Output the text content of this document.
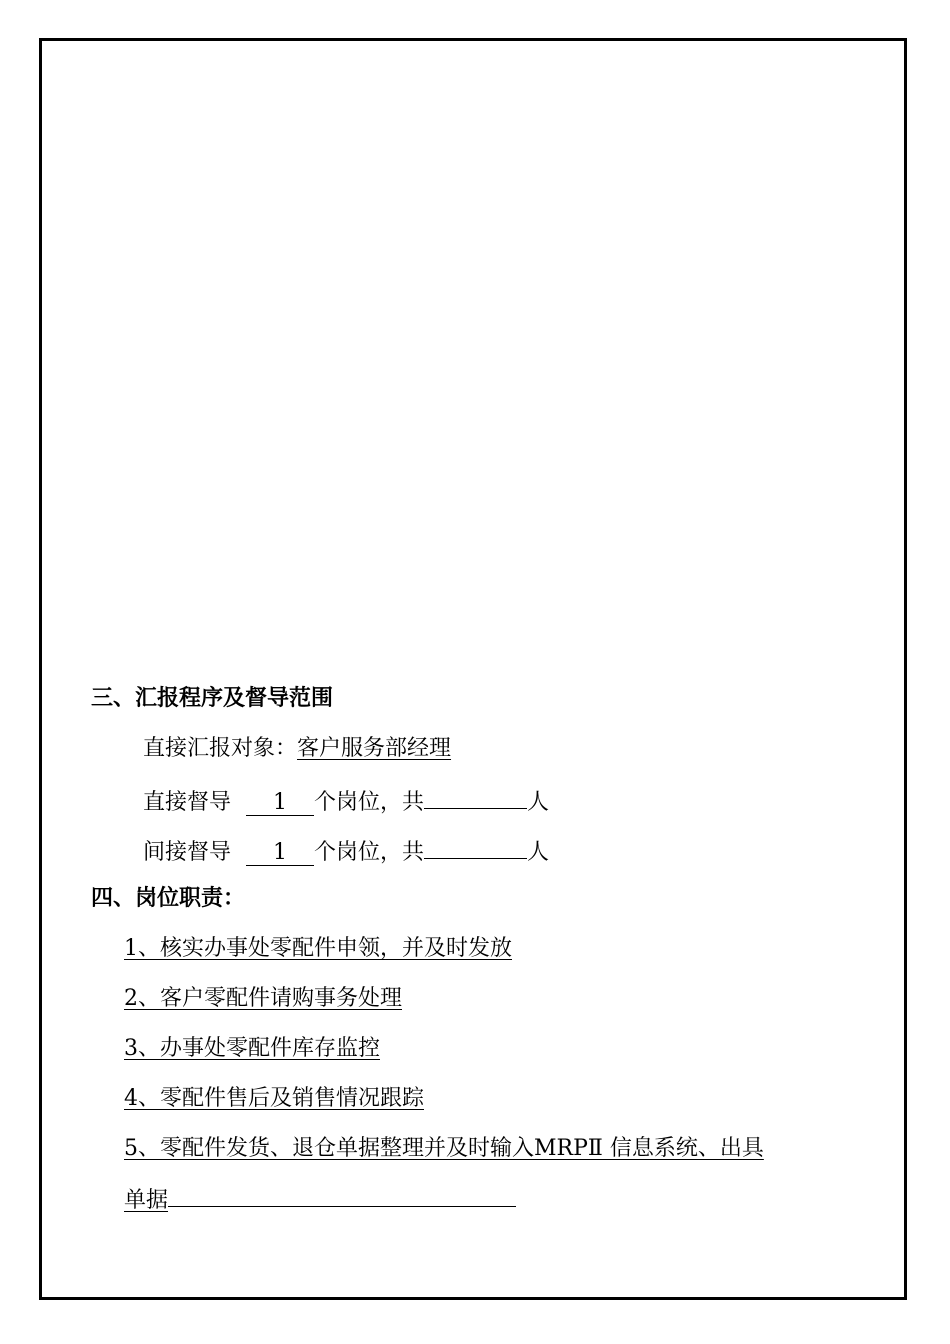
三、汇报程序及督导范围
直接汇报对象：客户服务部经理
直接督导 1 个岗位，共	人
间接督导 1 个岗位，共	人
四、岗位职责：
1、核实办事处零配件申领，并及时发放
2、客户零配件请购事务处理
3、办事处零配件库存监控
4、零配件售后及销售情况跟踪
5、零配件发货、退仓单据整理并及时输入MRPⅡ 信息系统、出具
单据
